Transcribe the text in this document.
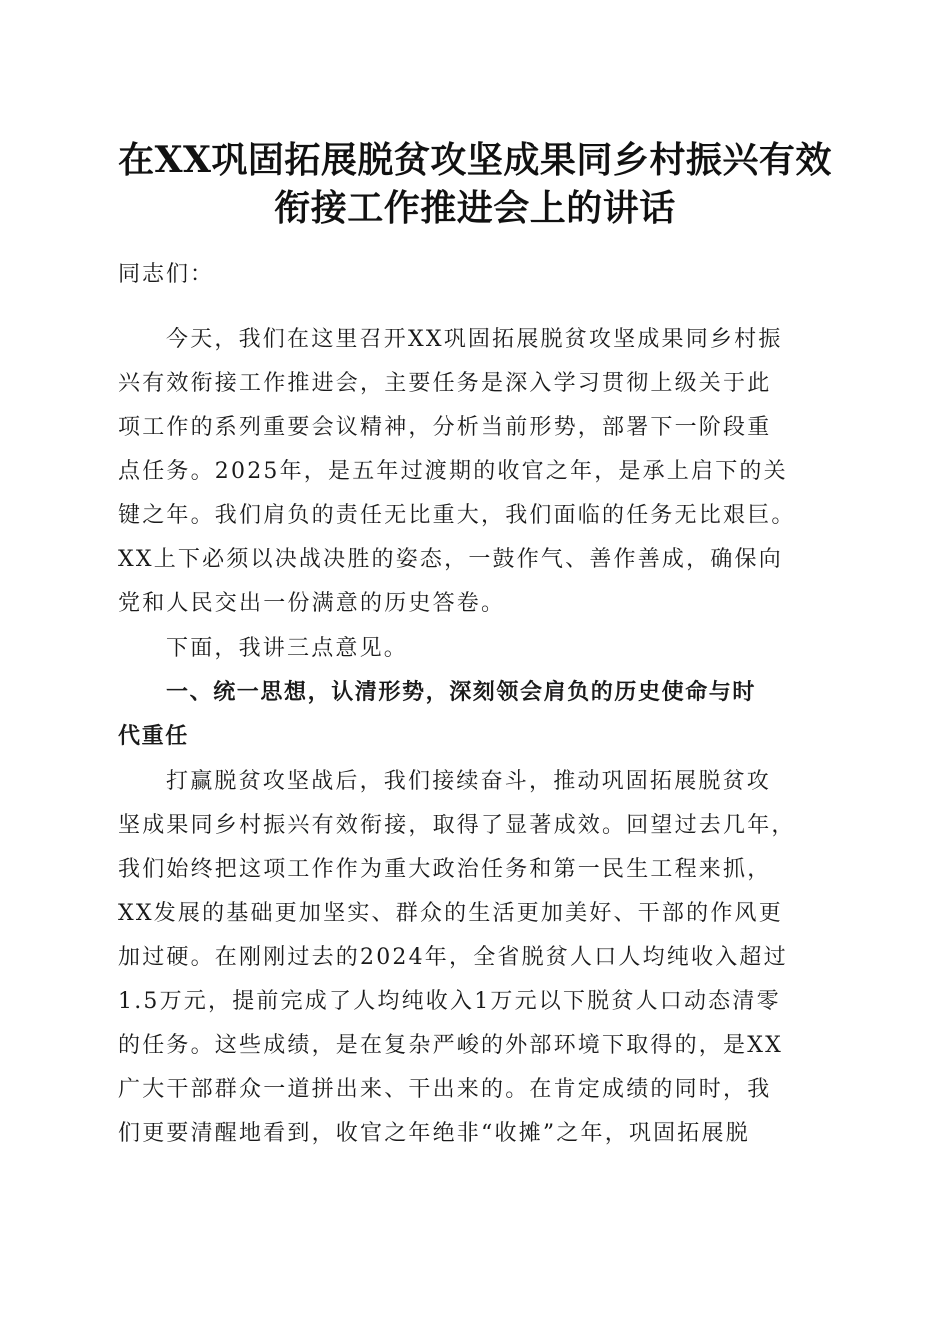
在XX巩固拓展脱贫攻坚成果同乡村振兴有效
衔接工作推进会上的讲话
同志们：
今天，我们在这里召开XX巩固拓展脱贫攻坚成果同乡村振
兴有效衔接工作推进会，主要任务是深入学习贯彻上级关于此
项工作的系列重要会议精神，分析当前形势，部署下一阶段重
点任务。2025年，是五年过渡期的收官之年，是承上启下的关
键之年。我们肩负的责任无比重大，我们面临的任务无比艰巨。
XX上下必须以决战决胜的姿态，一鼓作气、善作善成，确保向
党和人民交出一份满意的历史答卷。
下面，我讲三点意见。
一、统一思想，认清形势，深刻领会肩负的历史使命与时
代重任
打赢脱贫攻坚战后，我们接续奋斗，推动巩固拓展脱贫攻
坚成果同乡村振兴有效衔接，取得了显著成效。回望过去几年，
我们始终把这项工作作为重大政治任务和第一民生工程来抓，
XX发展的基础更加坚实、群众的生活更加美好、干部的作风更
加过硬。在刚刚过去的2024年，全省脱贫人口人均纯收入超过
1.5万元，提前完成了人均纯收入1万元以下脱贫人口动态清零
的任务。这些成绩，是在复杂严峻的外部环境下取得的，是XX
广大干部群众一道拼出来、干出来的。在肯定成绩的同时，我
们更要清醒地看到，收官之年绝非“收摊”之年，巩固拓展脱
